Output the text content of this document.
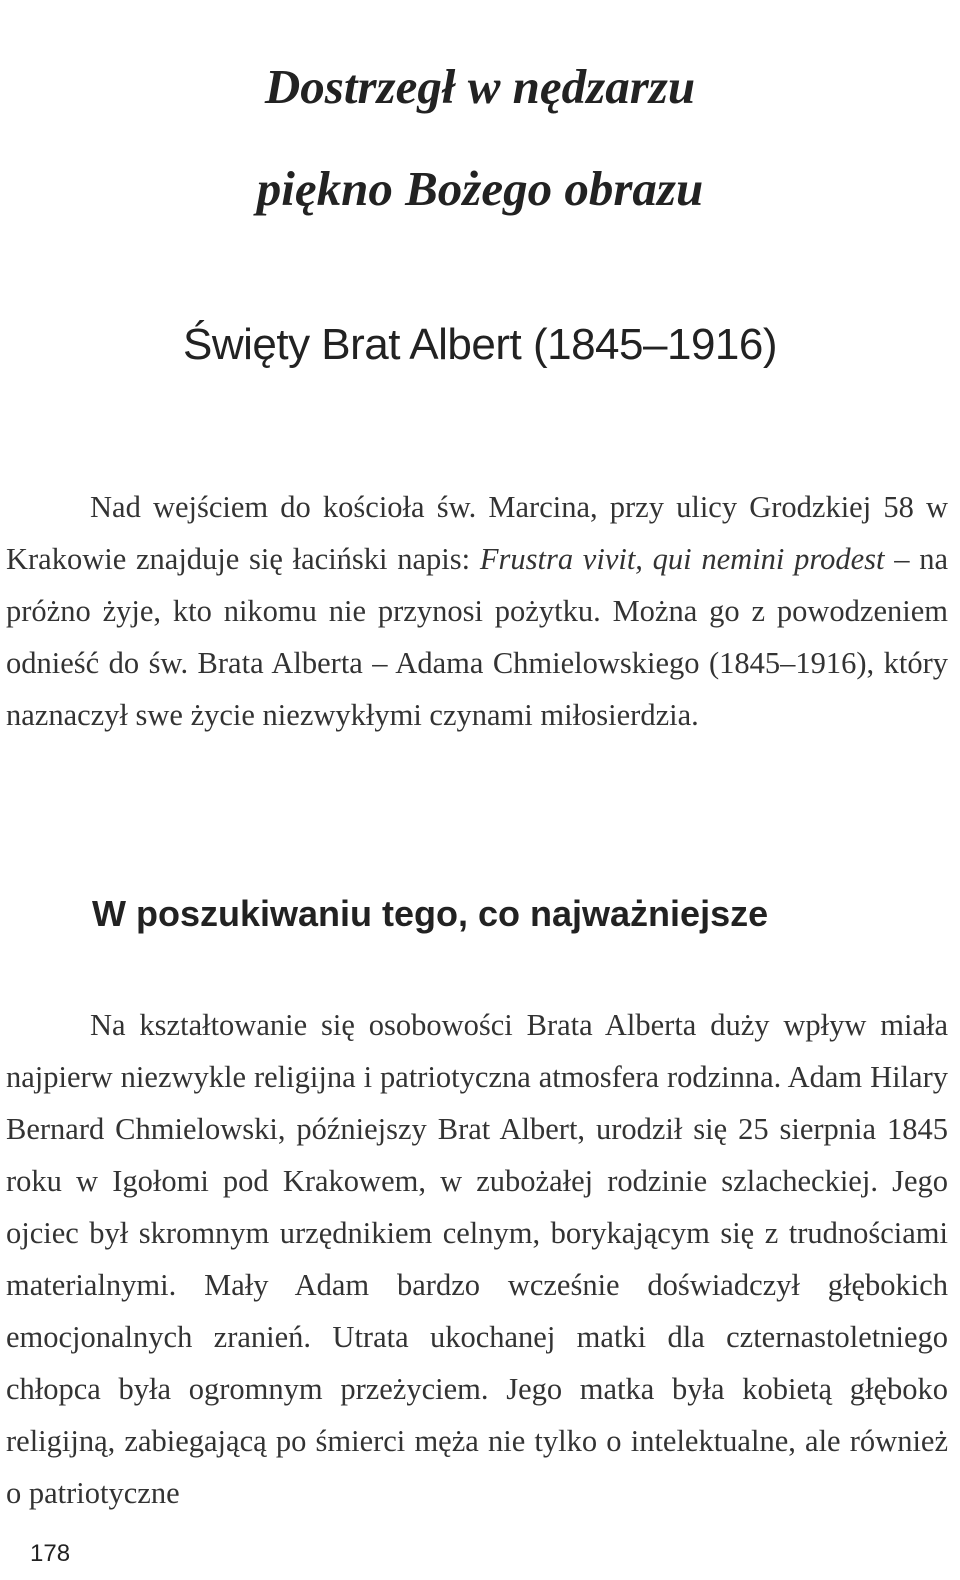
Dostrzegł w nędzarzu
piękno Bożego obrazu
Święty Brat Albert (1845–1916)

Nad wejściem do kościoła św. Marcina, przy ulicy Grodzkiej 58 w Krakowie znajduje się łaciński napis: Frustra vivit, qui nemini prodest – na próżno żyje, kto nikomu nie przynosi pożytku. Można go z powodzeniem odnieść do św. Brata Alberta – Adama Chmielowskiego (1845–1916), który naznaczył swe życie niezwykłymi czynami miłosierdzia.

W poszukiwaniu tego, co najważniejsze

Na kształtowanie się osobowości Brata Alberta duży wpływ miała najpierw niezwykle religijna i patriotyczna atmosfera rodzinna. Adam Hilary Bernard Chmielowski, późniejszy Brat Albert, urodził się 25 sierpnia 1845 roku w Igołomi pod Krakowem, w zubożałej rodzinie szlacheckiej. Jego ojciec był skromnym urzędnikiem celnym, borykającym się z trudnościami materialnymi. Mały Adam bardzo wcześnie doświadczył głębokich emocjonalnych zranień. Utrata ukochanej matki dla czternastoletniego chłopca była ogromnym przeżyciem. Jego matka była kobietą głęboko religijną, zabiegającą po śmierci męża nie tylko o intelektualne, ale również o patriotyczne

178
